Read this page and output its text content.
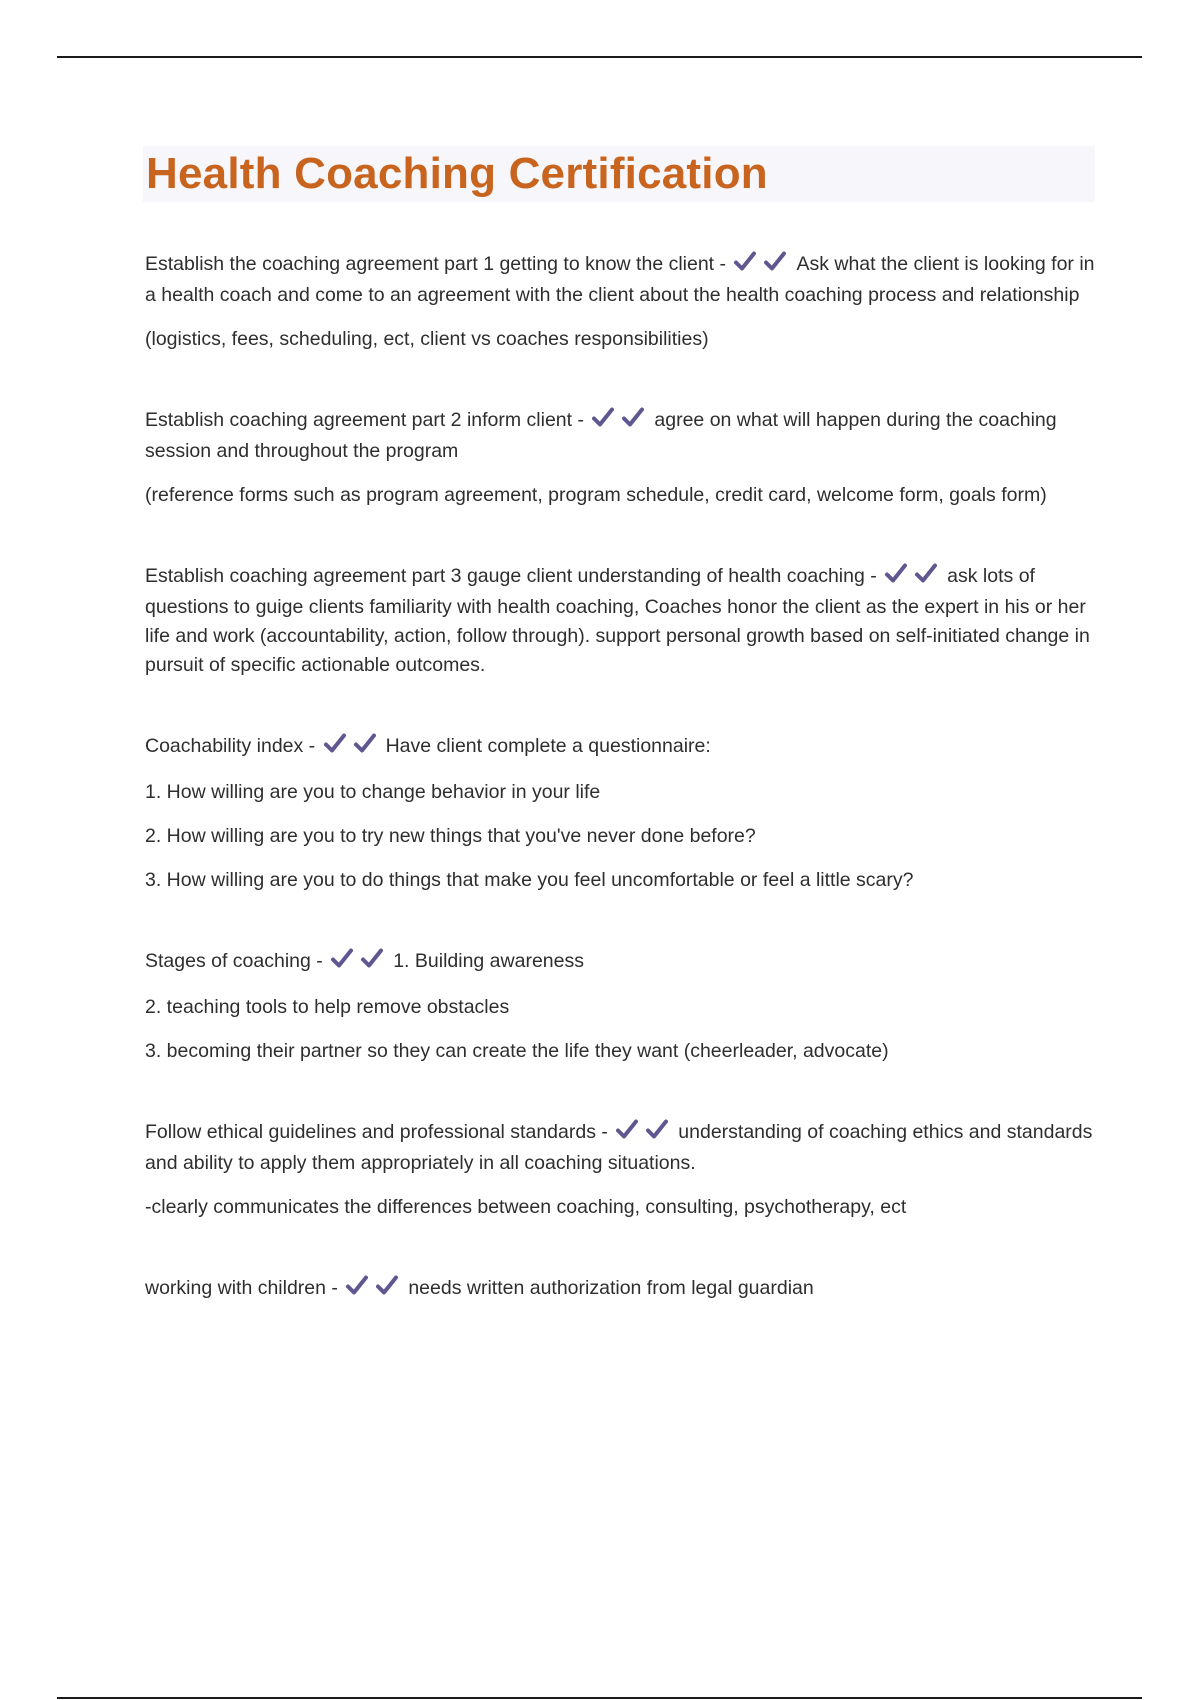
Health Coaching Certification

Establish the coaching agreement part 1 getting to know the client -	Ask what the client is looking for in a health coach and come to an agreement with the client about the health coaching process and relationship

(logistics, fees, scheduling, ect, client vs coaches responsibilities)

Establish coaching agreement part 2 inform client -	agree on what will happen during the coaching session and throughout the program

(reference forms such as program agreement, program schedule, credit card, welcome form, goals form)

Establish coaching agreement part 3 gauge client understanding of health coaching -	ask lots of questions to guige clients familiarity with health coaching, Coaches honor the client as the expert in his or her life and work (accountability, action, follow through). support personal growth based on self-initiated change in pursuit of specific actionable outcomes.

Coachability index -	Have client complete a questionnaire:

1. How willing are you to change behavior in your life

2. How willing are you to try new things that you've never done before?

3. How willing are you to do things that make you feel uncomfortable or feel a little scary?

Stages of coaching -	1. Building awareness

2. teaching tools to help remove obstacles

3. becoming their partner so they can create the life they want (cheerleader, advocate)

Follow ethical guidelines and professional standards -	understanding of coaching ethics and standards and ability to apply them appropriately in all coaching situations.

-clearly communicates the differences between coaching, consulting, psychotherapy, ect

working with children -	needs written authorization from legal guardian
